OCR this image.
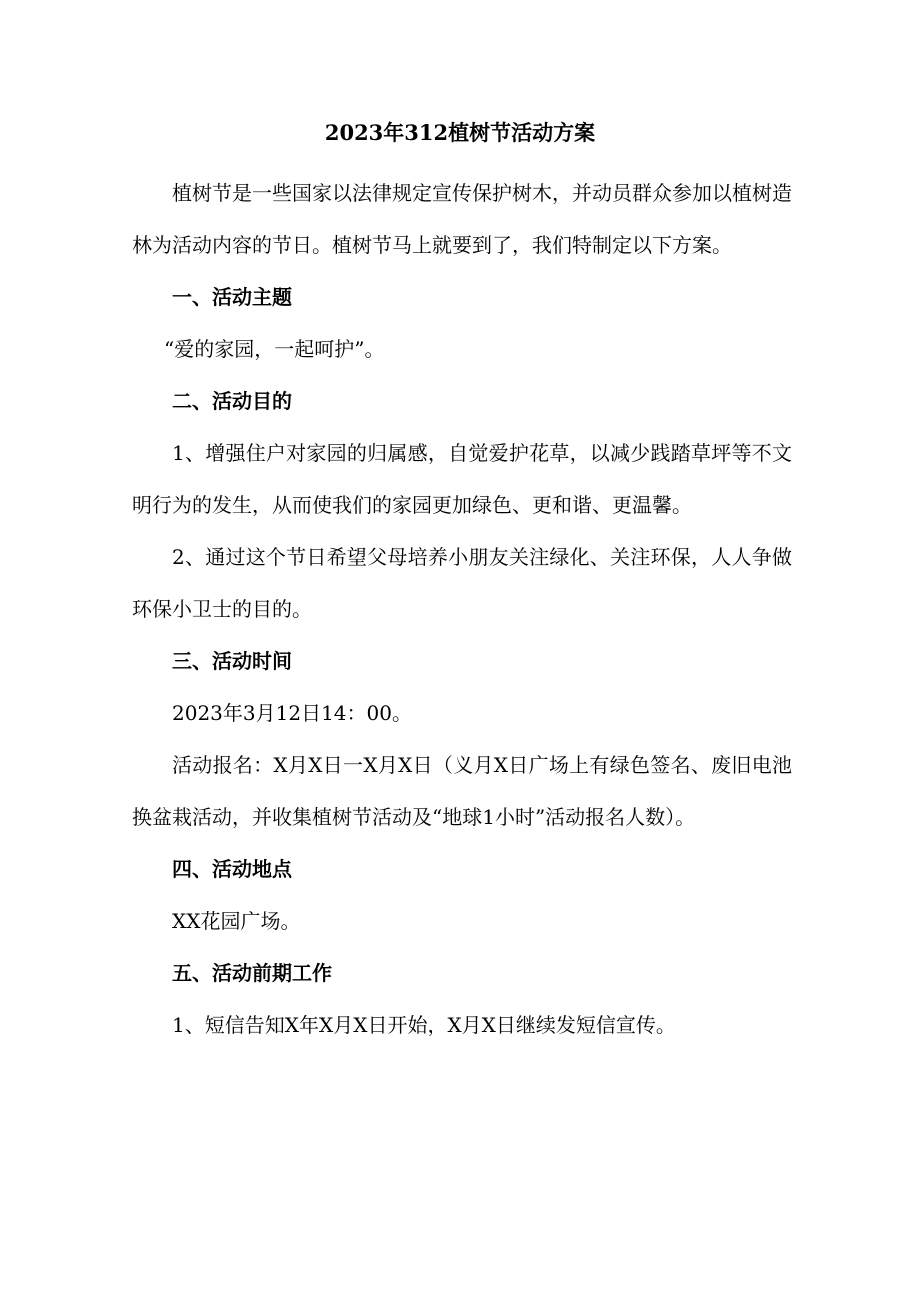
2023年312植树节活动方案

植树节是一些国家以法律规定宣传保护树木，并动员群众参加以植树造林为活动内容的节日。植树节马上就要到了，我们特制定以下方案。

一、活动主题

“爱的家园，一起呵护”。

二、活动目的

1、增强住户对家园的归属感，自觉爱护花草，以减少践踏草坪等不文明行为的发生，从而使我们的家园更加绿色、更和谐、更温馨。

2、通过这个节日希望父母培养小朋友关注绿化、关注环保，人人争做环保小卫士的目的。

三、活动时间

2023年3月12日14：00。

活动报名：X月X日一X月X日（义月X日广场上有绿色签名、废旧电池换盆栽活动，并收集植树节活动及“地球1小时”活动报名人数）。

四、活动地点

XX花园广场。

五、活动前期工作

1、短信告知X年X月X日开始，X月X日继续发短信宣传。
